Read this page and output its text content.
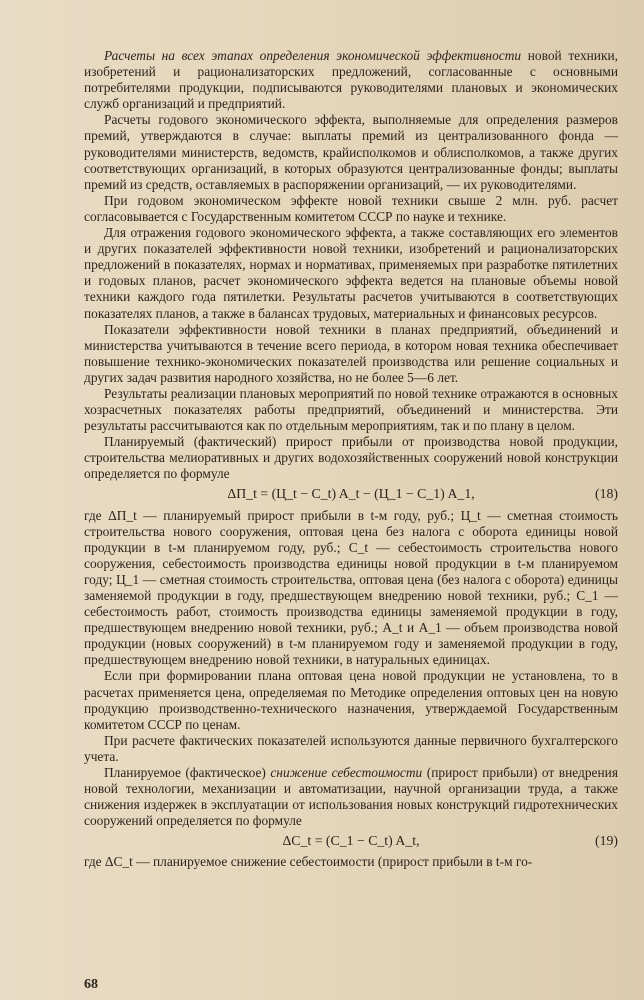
Расчеты на всех этапах определения экономической эффективности новой техники, изобретений и рационализаторских предложений, согласованные с основными потребителями продукции, подписываются руководителями плановых и экономических служб организаций и предприятий.

Расчеты годового экономического эффекта, выполняемые для определения размеров премий, утверждаются в случае: выплаты премий из централизованного фонда — руководителями министерств, ведомств, крайисполкомов и облисполкомов, а также других соответствующих организаций, в которых образуются централизованные фонды; выплаты премий из средств, оставляемых в распоряжении организаций, — их руководителями.

При годовом экономическом эффекте новой техники свыше 2 млн. руб. расчет согласовывается с Государственным комитетом СССР по науке и технике.

Для отражения годового экономического эффекта, а также составляющих его элементов и других показателей эффективности новой техники, изобретений и рационализаторских предложений в показателях, нормах и нормативах, применяемых при разработке пятилетних и годовых планов, расчет экономического эффекта ведется на плановые объемы новой техники каждого года пятилетки. Результаты расчетов учитываются в соответствующих показателях планов, а также в балансах трудовых, материальных и финансовых ресурсов.

Показатели эффективности новой техники в планах предприятий, объединений и министерства учитываются в течение всего периода, в котором новая техника обеспечивает повышение технико-экономических показателей производства или решение социальных и других задач развития народного хозяйства, но не более 5—6 лет.

Результаты реализации плановых мероприятий по новой технике отражаются в основных хозрасчетных показателях работы предприятий, объединений и министерства. Эти результаты рассчитываются как по отдельным мероприятиям, так и по плану в целом.

Планируемый (фактический) прирост прибыли от производства новой продукции, строительства мелиоративных и других водохозяйственных сооружений новой конструкции определяется по формуле

ΔП_t = (Ц_t − С_t) A_t − (Ц_1 − С_1) A_1,	(18)

где ΔП_t — планируемый прирост прибыли в t-м году, руб.; Ц_t — сметная стоимость строительства нового сооружения, оптовая цена без налога с оборота единицы новой продукции в t-м планируемом году, руб.; С_t — себестоимость строительства нового сооружения, себестоимость производства единицы новой продукции в t-м планируемом году; Ц_1 — сметная стоимость строительства, оптовая цена (без налога с оборота) единицы заменяемой продукции в году, предшествующем внедрению новой техники, руб.; С_1 — себестоимость работ, стоимость производства единицы заменяемой продукции в году, предшествующем внедрению новой техники, руб.; A_t и A_1 — объем производства новой продукции (новых сооружений) в t-м планируемом году и заменяемой продукции в году, предшествующем внедрению новой техники, в натуральных единицах.

Если при формировании плана оптовая цена новой продукции не установлена, то в расчетах применяется цена, определяемая по Методике определения оптовых цен на новую продукцию производственно-технического назначения, утверждаемой Государственным комитетом СССР по ценам.

При расчете фактических показателей используются данные первичного бухгалтерского учета.

Планируемое (фактическое) снижение себестоимости (прирост прибыли) от внедрения новой технологии, механизации и автоматизации, научной организации труда, а также снижения издержек в эксплуатации от использования новых конструкций гидротехнических сооружений определяется по формуле

ΔС_t = (С_1 − С_t) A_t,	(19)

где ΔС_t — планируемое снижение себестоимости (прирост прибыли в t-м го-

68
